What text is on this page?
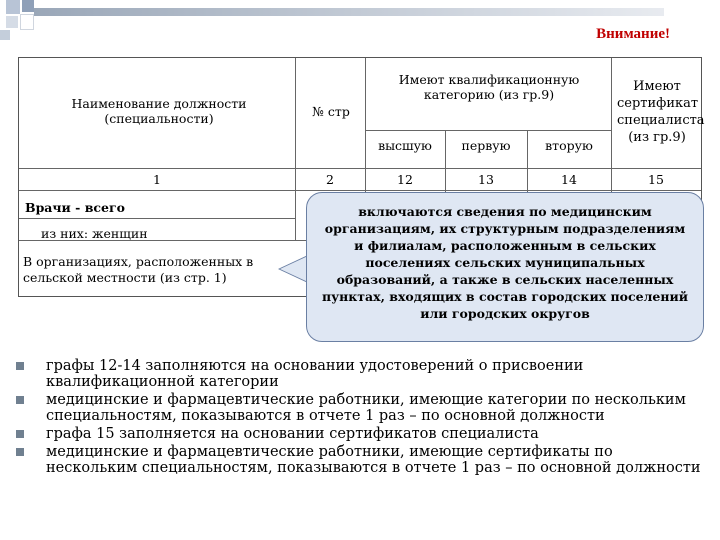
Внимание!
Наименование должности (специальности)	№ стр
Имеют квалификационную категорию (из гр.9)
высшую	первую	вторую
Имеют сертификат специалиста (из гр.9)
1	2	12	13	14	15
Врачи - всего
из них: женщин
В организациях, расположенных в сельской местности (из стр. 1)
включаются сведения по медицинским организациям, их структурным подразделениям и филиалам, расположенным в сельских поселениях сельских муниципальных образований, а также в сельских населенных пунктах, входящих в состав городских поселений или городских округов
графы 12-14 заполняются на основании удостоверений о присвоении квалификационной категории
медицинские и фармацевтические работники, имеющие категории по нескольким специальностям, показываются в отчете 1 раз – по основной должности
графа 15 заполняется на основании сертификатов специалиста
медицинские и фармацевтические работники, имеющие сертификаты по нескольким специальностям, показываются в отчете 1 раз – по основной должности
